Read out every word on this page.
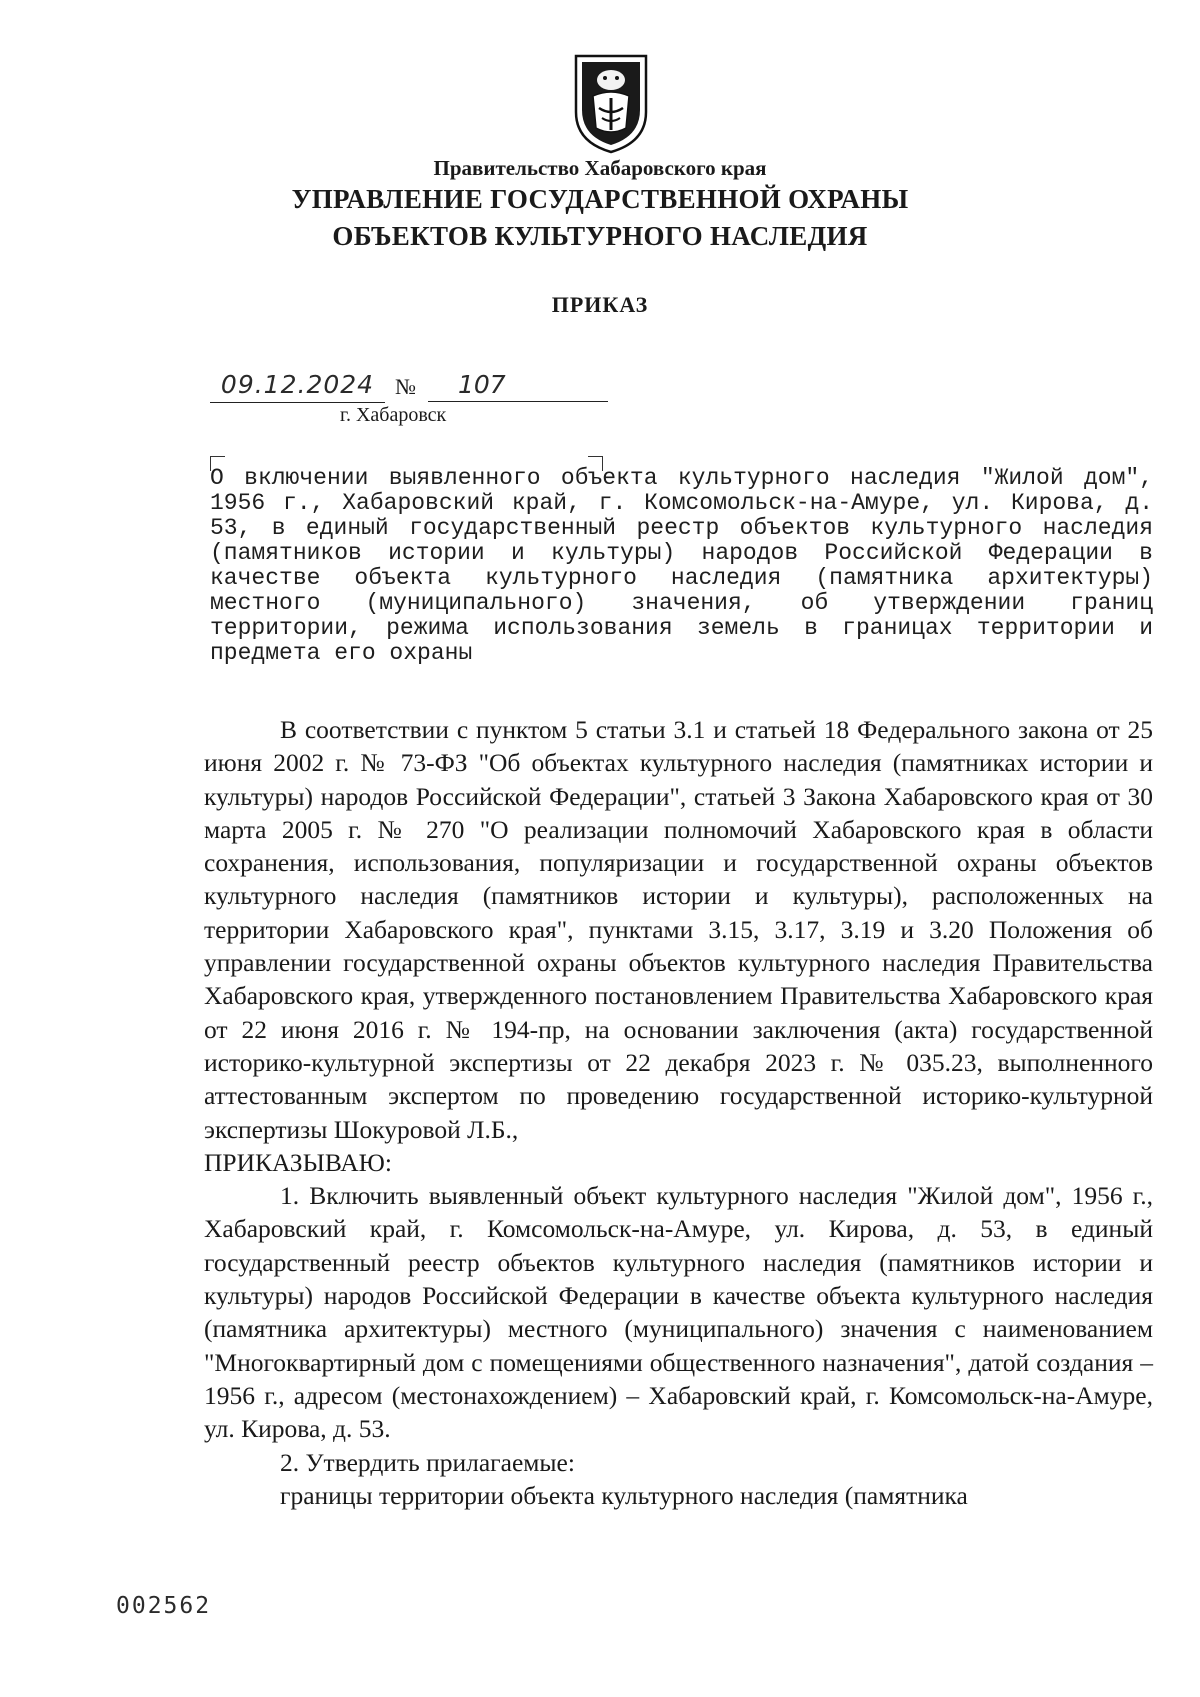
Правительство Хабаровского края
УПРАВЛЕНИЕ ГОСУДАРСТВЕННОЙ ОХРАНЫ
ОБЪЕКТОВ КУЛЬТУРНОГО НАСЛЕДИЯ
ПРИКАЗ
09.12.2024 №	107
г. Хабаровск
О включении выявленного объекта культурного наследия "Жилой дом", 1956 г., Хабаровский край, г. Комсомольск-на-Амуре, ул. Кирова, д. 53, в единый государственный реестр объектов культурного наследия (памятников истории и культуры) народов Российской Федерации в качестве объекта культурного наследия (памятника архитектуры) местного (муниципального) значения, об утверждении границ территории, режима использования земель в границах территории и предмета его охраны

В соответствии с пунктом 5 статьи 3.1 и статьей 18 Федерального закона от 25 июня 2002 г. № 73-ФЗ "Об объектах культурного наследия (памятниках истории и культуры) народов Российской Федерации", статьей 3 Закона Хабаровского края от 30 марта 2005 г. № 270 "О реализации полномочий Хабаровского края в области сохранения, использования, популяризации и государственной охраны объектов культурного наследия (памятников истории и культуры), расположенных на территории Хабаровского края", пунктами 3.15, 3.17, 3.19 и 3.20 Положения об управлении государственной охраны объектов культурного наследия Правительства Хабаровского края, утвержденного постановлением Правительства Хабаровского края от 22 июня 2016 г. № 194-пр, на основании заключения (акта) государственной историко-культурной экспертизы от 22 декабря 2023 г. № 035.23, выполненного аттестованным экспертом по проведению государственной историко-культурной экспертизы Шокуровой Л.Б.,

ПРИКАЗЫВАЮ:

1. Включить выявленный объект культурного наследия "Жилой дом", 1956 г., Хабаровский край, г. Комсомольск-на-Амуре, ул. Кирова, д. 53, в единый государственный реестр объектов культурного наследия (памятников истории и культуры) народов Российской Федерации в качестве объекта культурного наследия (памятника архитектуры) местного (муниципального) значения с наименованием "Многоквартирный дом с помещениями общественного назначения", датой создания – 1956 г., адресом (местонахождением) – Хабаровский край, г. Комсомольск-на-Амуре, ул. Кирова, д. 53.

2. Утвердить прилагаемые:

границы территории объекта культурного наследия (памятника

002562
